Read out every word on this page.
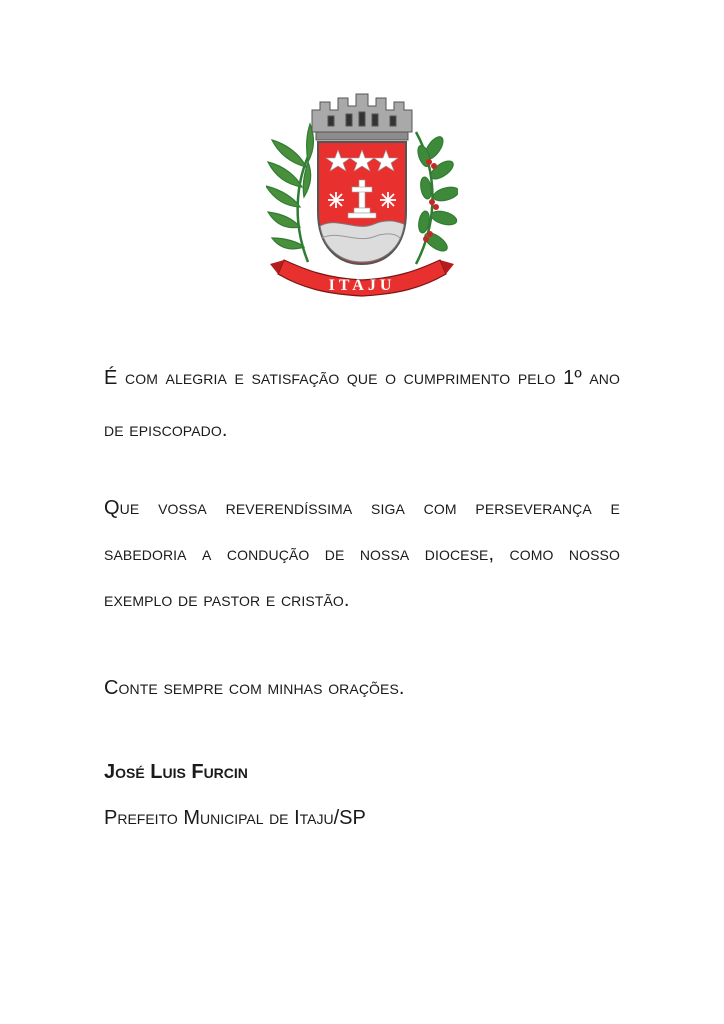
ITAJU

É com alegria e satisfação que o cumprimento pelo 1º ano de episcopado.

Que vossa reverendíssima siga com perseverança e sabedoria a condução de nossa diocese, como nosso exemplo de pastor e cristão.

Conte sempre com minhas orações.

José Luis Furcin

Prefeito Municipal de Itaju/SP
